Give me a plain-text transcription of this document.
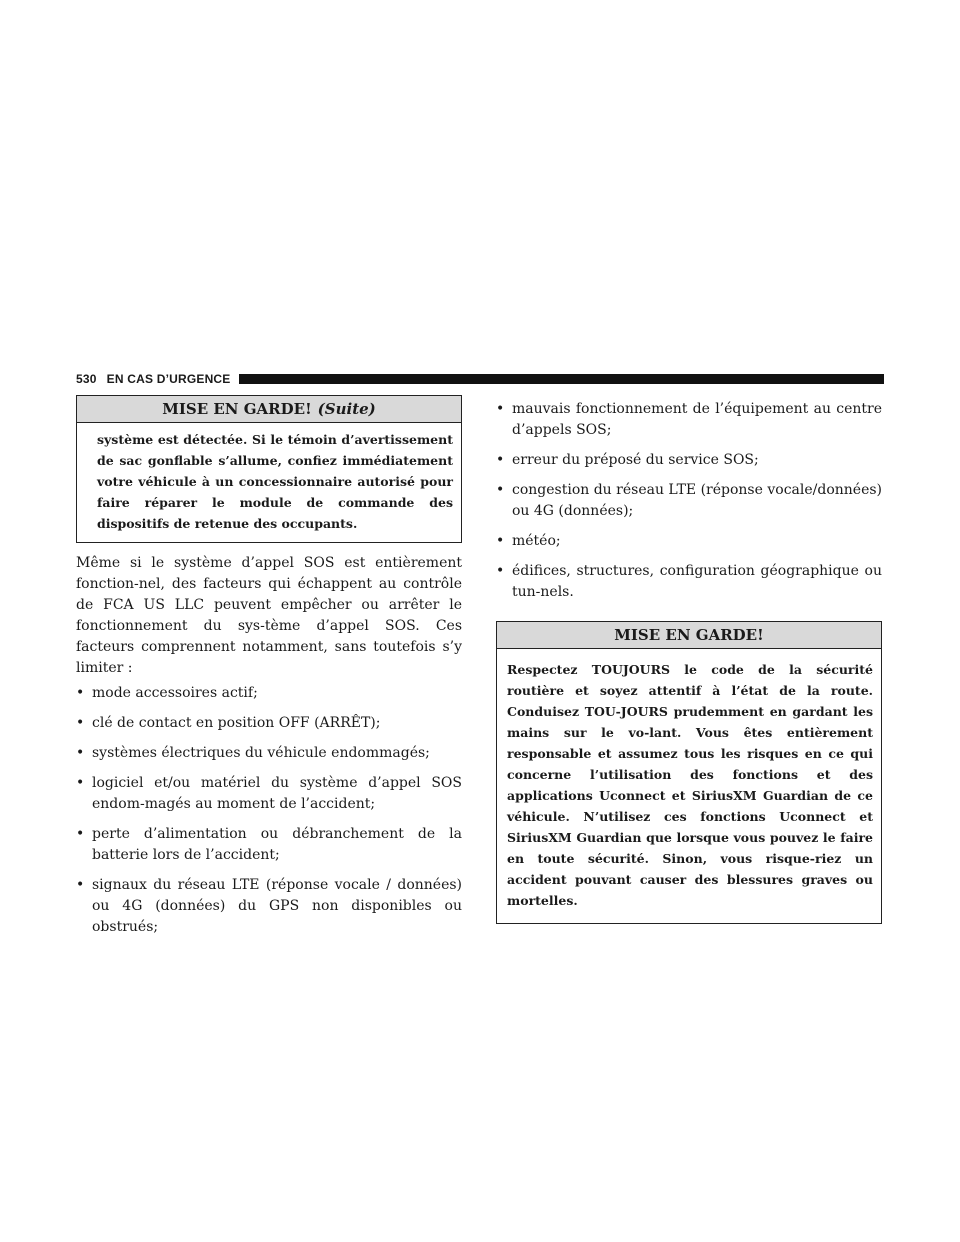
530 EN CAS D’URGENCE
MISE EN GARDE! (Suite)
système est détectée. Si le témoin d’avertissement de sac gonflable s’allume, confiez immédiatement votre véhicule à un concessionnaire autorisé pour faire réparer le module de commande des dispositifs de retenue des occupants.

Même si le système d’appel SOS est entièrement fonction-nel, des facteurs qui échappent au contrôle de FCA US LLC peuvent empêcher ou arrêter le fonctionnement du sys-tème d’appel SOS. Ces facteurs comprennent notamment, sans toutefois s’y limiter :

• mode accessoires actif;
• clé de contact en position OFF (ARRÊT);
• systèmes électriques du véhicule endommagés;
• logiciel et/ou matériel du système d’appel SOS endom-magés au moment de l’accident;
• perte d’alimentation ou débranchement de la batterie lors de l’accident;
• signaux du réseau LTE (réponse vocale / données) ou 4G (données) du GPS non disponibles ou obstrués;
• mauvais fonctionnement de l’équipement au centre d’appels SOS;
• erreur du préposé du service SOS;
• congestion du réseau LTE (réponse vocale/données) ou 4G (données);
• météo;
• édifices, structures, configuration géographique ou tun-nels.
MISE EN GARDE!
Respectez TOUJOURS le code de la sécurité routière et soyez attentif à l’état de la route. Conduisez TOU-JOURS prudemment en gardant les mains sur le vo-lant. Vous êtes entièrement responsable et assumez tous les risques en ce qui concerne l’utilisation des fonctions et des applications Uconnect et SiriusXM Guardian de ce véhicule. N’utilisez ces fonctions Uconnect et SiriusXM Guardian que lorsque vous pouvez le faire en toute sécurité. Sinon, vous risque-riez un accident pouvant causer des blessures graves ou mortelles.
